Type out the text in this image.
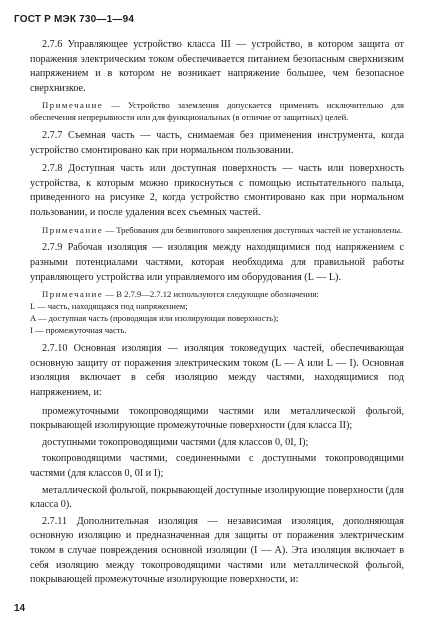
ГОСТ Р МЭК 730—1—94

2.7.6 Управляющее устройство класса III — устройство, в котором защита от поражения электрическим током обеспечивается питанием безопасным сверхнизким напряжением и в котором не возникает напряжение большее, чем безопасное сверхнизкое.

Примечание — Устройство заземления допускается применять исключительно для обеспечения непрерывности или для функциональных (в отличие от защитных) целей.

2.7.7 Съемная часть — часть, снимаемая без применения инструмента, когда устройство смонтировано как при нормальном пользовании.

2.7.8 Доступная часть или доступная поверхность — часть или поверхность устройства, к которым можно прикоснуться с помощью испытательного пальца, приведенного на рисунке 2, когда устройство смонтировано как при нормальном пользовании, и после удаления всех съемных частей.

Примечание — Требования для безвинтового закрепления доступных частей не установлены.

2.7.9 Рабочая изоляция — изоляция между находящимися под напряжением с разными потенциалами частями, которая необходима для правильной работы управляющего устройства или управляемого им оборудования (L — L).

Примечание — В 2.7.9—2.7.12 используются следующие обозначения:

L — часть, находящаяся под напряжением;

A — доступная часть (проводящая или изолирующая поверхность);

I — промежуточная часть.

2.7.10 Основная изоляция — изоляция токоведущих частей, обеспечивающая основную защиту от поражения электрическим током (L — A или L — I). Основная изоляция включает в себя изоляцию между частями, находящимися под напряжением, и:

промежуточными токопроводящими частями или металлической фольгой, покрывающей изолирующие промежуточные поверхности (для класса II);

доступными токопроводящими частями (для классов 0, 0I, I);

токопроводящими частями, соединенными с доступными токопроводящими частями (для классов 0, 0I и I);

металлической фольгой, покрывающей доступные изолирующие поверхности (для класса 0).

2.7.11 Дополнительная изоляция — независимая изоляция, дополняющая основную изоляцию и предназначенная для защиты от поражения электрическим током в случае повреждения основной изоляции (I — A). Эта изоляция включает в себя изоляцию между токопроводящими частями или металлической фольгой, покрывающей промежуточные изолирующие поверхности, и:

14
